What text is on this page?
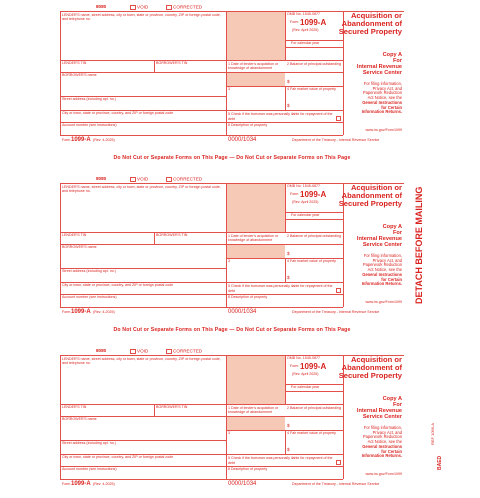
8080	VOID	CORRECTED
LENDER'S name, street address, city or town, state or province, country, ZIP or foreign postal code, and telephone no.
OMB No. 1545-0877
Form 1099-A
(Rev. April 2025)
For calendar year
Acquisition or
Abandonment of
Secured Property
LENDER'S TIN	BORROWER'S TIN
BORROWER'S name
Street address (including apt. no.)
City or town, state or province, country, and ZIP or foreign postal code
Account number (see instructions)
1 Date of lender's acquisition or knowledge of abandonment
2 Balance of principal outstanding
$
3	4 Fair market value of property
$
5 Check if the borrower was personally liable for repayment of the debt
6 Description of property
Copy A
For
Internal Revenue
Service Center
For filing information,
Privacy Act, and
Paperwork Reduction
Act Notice, see the
General Instructions
for Certain
Information Returns.
www.irs.gov/Form1099
Form 1099-A (Rev. 4-2025)	0000/1034	Department of the Treasury - Internal Revenue Service
Do Not Cut or Separate Forms on This Page — Do Not Cut or Separate Forms on This Page
8080	VOID	CORRECTED
LENDER'S name, street address, city or town, state or province, country, ZIP or foreign postal code, and telephone no.
OMB No. 1545-0877
Form 1099-A
(Rev. April 2025)
For calendar year
Acquisition or
Abandonment of
Secured Property
LENDER'S TIN	BORROWER'S TIN
BORROWER'S name
Street address (including apt. no.)
City or town, state or province, country, and ZIP or foreign postal code
Account number (see instructions)
1 Date of lender's acquisition or knowledge of abandonment
2 Balance of principal outstanding
$
3	4 Fair market value of property
$
5 Check if the borrower was personally liable for repayment of the debt
6 Description of property
Copy A
For
Internal Revenue
Service Center
For filing information,
Privacy Act, and
Paperwork Reduction
Act Notice, see the
General Instructions
for Certain
Information Returns.
www.irs.gov/Form1099
Form 1099-A (Rev. 4-2025)	0000/1034	Department of the Treasury - Internal Revenue Service
Do Not Cut or Separate Forms on This Page — Do Not Cut or Separate Forms on This Page
8080	VOID	CORRECTED
LENDER'S name, street address, city or town, state or province, country, ZIP or foreign postal code, and telephone no.
OMB No. 1545-0877
Form 1099-A
(Rev. April 2025)
For calendar year
Acquisition or
Abandonment of
Secured Property
LENDER'S TIN	BORROWER'S TIN
BORROWER'S name
Street address (including apt. no.)
City or town, state or province, country, and ZIP or foreign postal code
Account number (see instructions)
1 Date of lender's acquisition or knowledge of abandonment
2 Balance of principal outstanding
$
3	4 Fair market value of property
$
5 Check if the borrower was personally liable for repayment of the debt
6 Description of property
Copy A
For
Internal Revenue
Service Center
For filing information,
Privacy Act, and
Paperwork Reduction
Act Notice, see the
General Instructions
for Certain
Information Returns.
www.irs.gov/Form1099
Form 1099-A (Rev. 4-2025)	0000/1034	Department of the Treasury - Internal Revenue Service
DETACH BEFORE MAILING
BAED
REF 1099-A
